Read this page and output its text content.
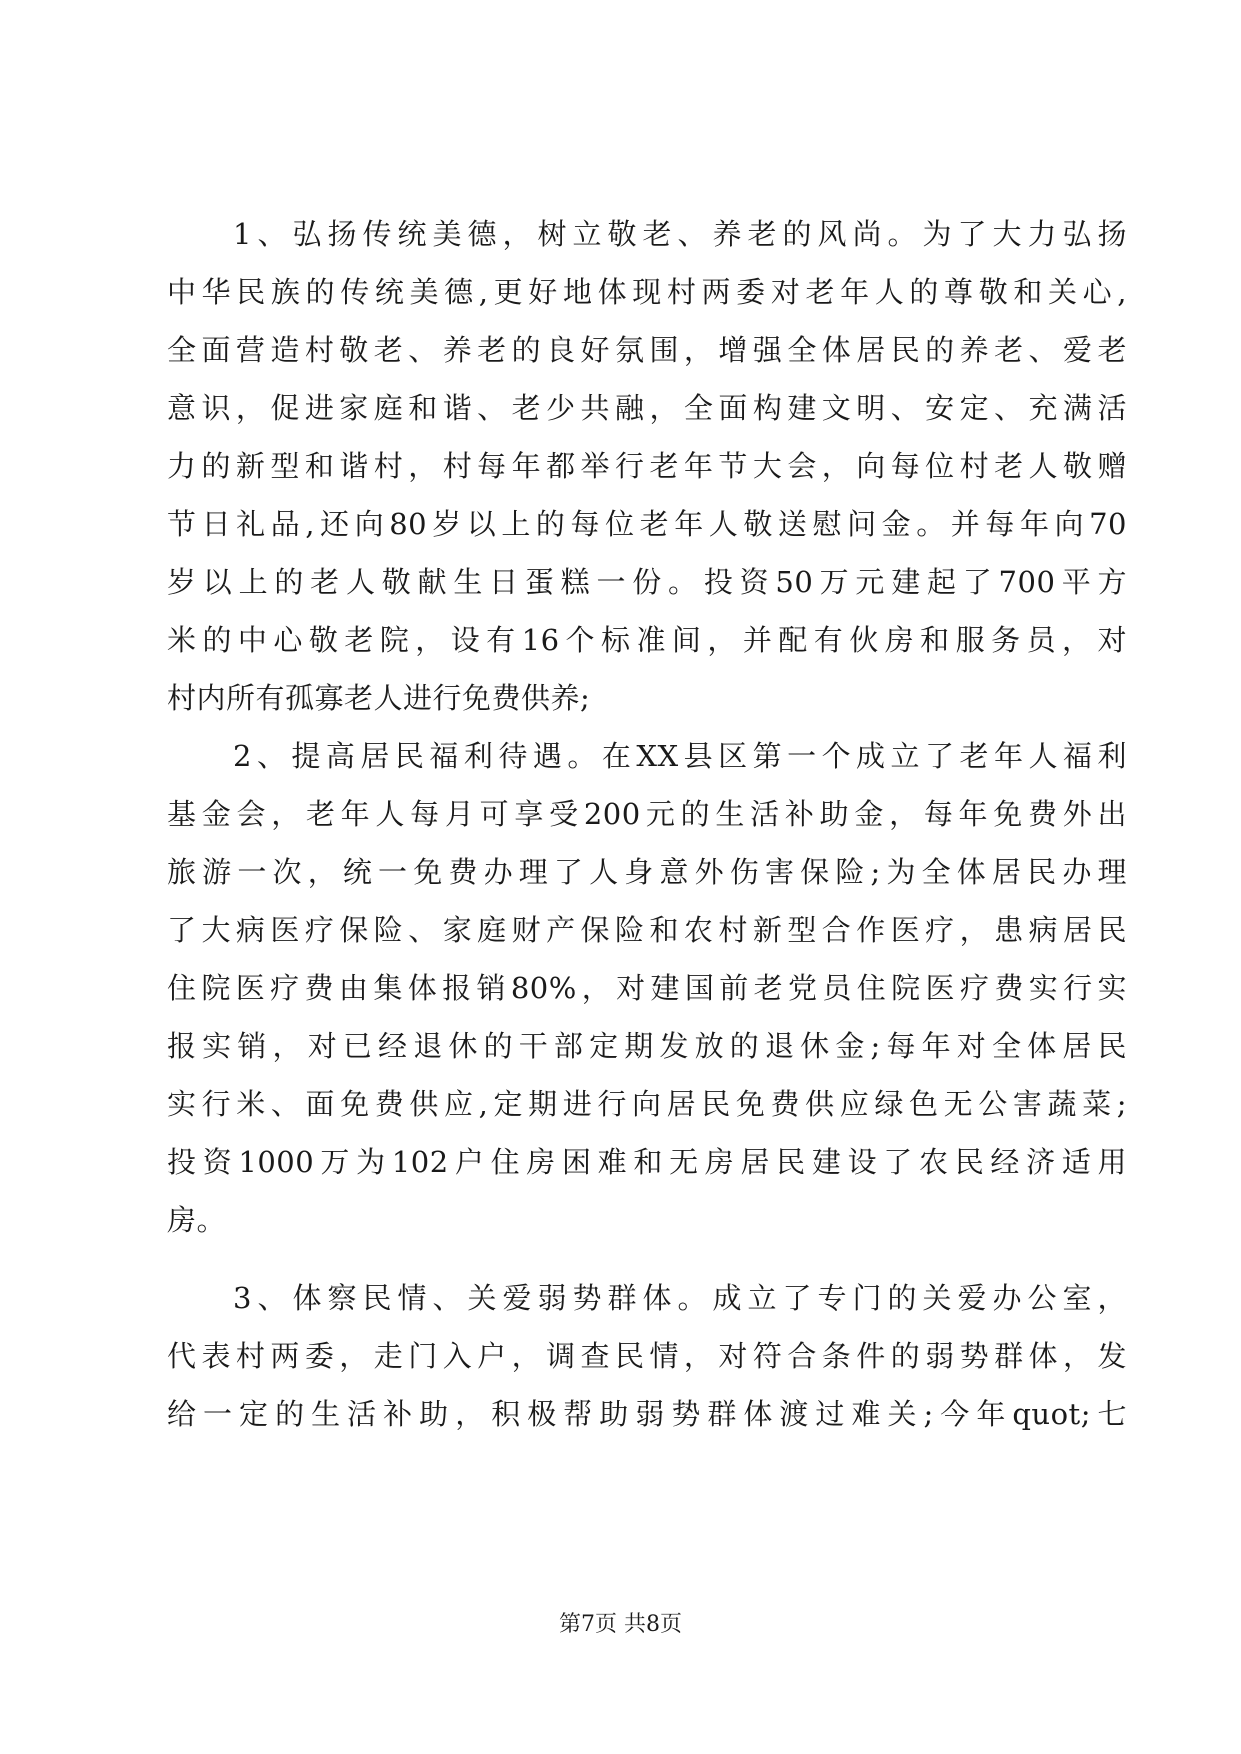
1、弘扬传统美德，树立敬老、养老的风尚。为了大力弘扬
中华民族的传统美德,更好地体现村两委对老年人的尊敬和关心,
全面营造村敬老、养老的良好氛围，增强全体居民的养老、爱老
意识，促进家庭和谐、老少共融，全面构建文明、安定、充满活
力的新型和谐村，村每年都举行老年节大会，向每位村老人敬赠
节日礼品,还向80岁以上的每位老年人敬送慰问金。并每年向70
岁以上的老人敬献生日蛋糕一份。投资50万元建起了700平方
米的中心敬老院，设有16个标准间，并配有伙房和服务员，对
村内所有孤寡老人进行免费供养;
2、提高居民福利待遇。在XX县区第一个成立了老年人福利
基金会，老年人每月可享受200元的生活补助金，每年免费外出
旅游一次，统一免费办理了人身意外伤害保险;为全体居民办理
了大病医疗保险、家庭财产保险和农村新型合作医疗，患病居民
住院医疗费由集体报销80%，对建国前老党员住院医疗费实行实
报实销，对已经退休的干部定期发放的退休金;每年对全体居民
实行米、面免费供应,定期进行向居民免费供应绿色无公害蔬菜;
投资1000万为102户住房困难和无房居民建设了农民经济适用
房。
3、体察民情、关爱弱势群体。成立了专门的关爱办公室，
代表村两委，走门入户，调查民情，对符合条件的弱势群体，发
给一定的生活补助，积极帮助弱势群体渡过难关;今年quot;七
第7页 共8页
